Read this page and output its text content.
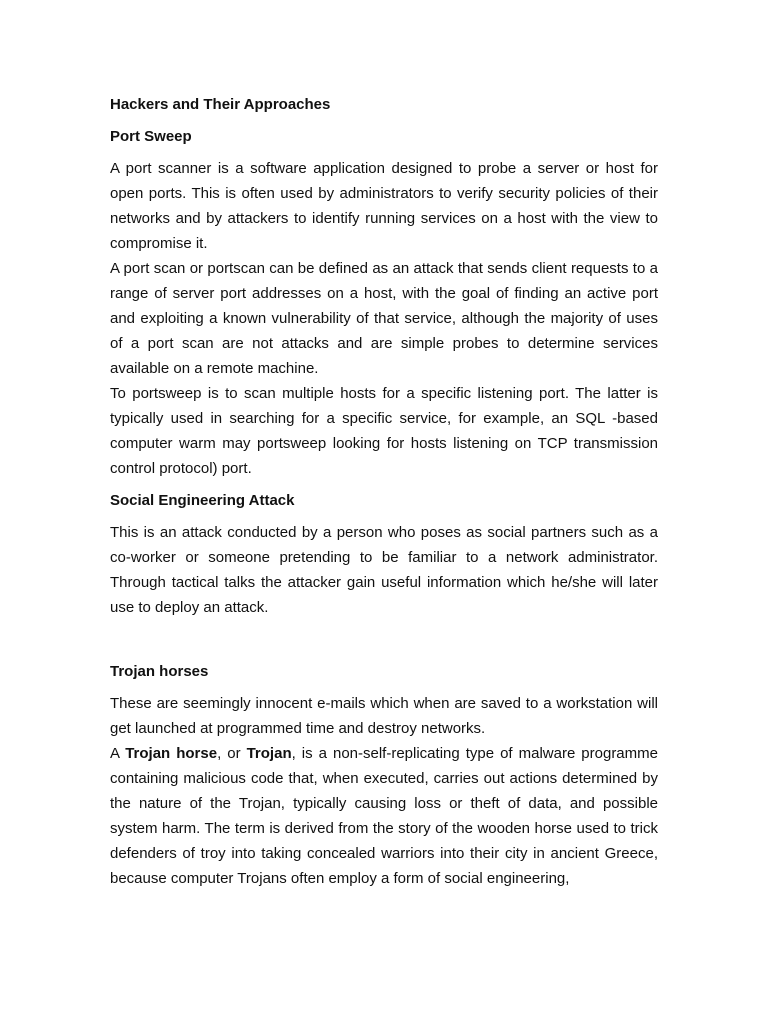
Hackers and Their Approaches
Port Sweep

A port scanner is a software application designed to probe a server or host for open ports. This is often used by administrators to verify security policies of their networks and by attackers to identify running services on a host with the view to compromise it.

A port scan or portscan can be defined as an attack that sends client requests to a range of server port addresses on a host, with the goal of finding an active port and exploiting a known vulnerability of that service, although the majority of uses of a port scan are not attacks and are simple probes to determine services available on a remote machine.

To portsweep is to scan multiple hosts for a specific listening port. The latter is typically used in searching for a specific service, for example, an SQL -based computer warm may portsweep looking for hosts listening on TCP transmission control protocol) port.

Social Engineering Attack

This is an attack conducted by a person who poses as social partners such as a co-worker or someone pretending to be familiar to a network administrator. Through tactical talks the attacker gain useful information which he/she will later use to deploy an attack.

Trojan horses

These are seemingly innocent e-mails which when are saved to a workstation will get launched at programmed time and destroy networks.

A Trojan horse, or Trojan, is a non-self-replicating type of malware programme containing malicious code that, when executed, carries out actions determined by the nature of the Trojan, typically causing loss or theft of data, and possible system harm. The term is derived from the story of the wooden horse used to trick defenders of troy into taking concealed warriors into their city in ancient Greece, because computer Trojans often employ a form of social engineering,
